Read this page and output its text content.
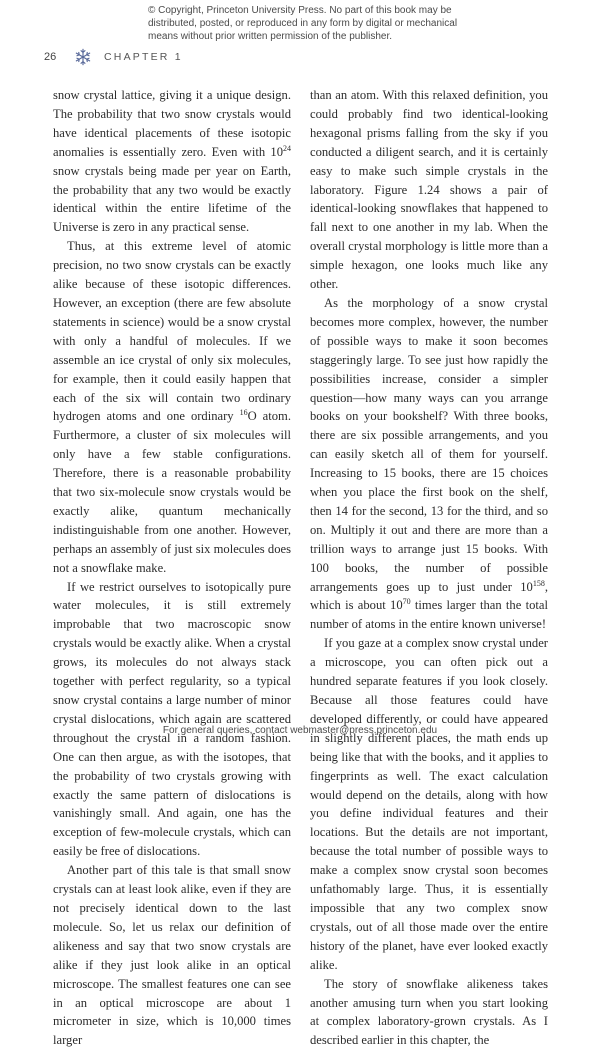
© Copyright, Princeton University Press. No part of this book may be
distributed, posted, or reproduced in any form by digital or mechanical
means without prior written permission of the publisher.
26	CHAPTER 1

snow crystal lattice, giving it a unique design. The probability that two snow crystals would have identical placements of these isotopic anomalies is essentially zero. Even with $10^{24}$ snow crystals being made per year on Earth, the probability that any two would be exactly identical within the entire lifetime of the Universe is zero in any practical sense.

Thus, at this extreme level of atomic precision, no two snow crystals can be exactly alike because of these isotopic differences. However, an exception (there are few absolute statements in science) would be a snow crystal with only a handful of molecules. If we assemble an ice crystal of only six molecules, for example, then it could easily happen that each of the six will contain two ordinary hydrogen atoms and one ordinary $^{16}$O atom. Furthermore, a cluster of six molecules will only have a few stable configurations. Therefore, there is a reasonable probability that two six-molecule snow crystals would be exactly alike, quantum mechanically indistinguishable from one another. However, perhaps an assembly of just six molecules does not a snowflake make.

If we restrict ourselves to isotopically pure water molecules, it is still extremely improbable that two macroscopic snow crystals would be exactly alike. When a crystal grows, its molecules do not always stack together with perfect regularity, so a typical snow crystal contains a large number of minor crystal dislocations, which again are scattered throughout the crystal in a random fashion. One can then argue, as with the isotopes, that the probability of two crystals growing with exactly the same pattern of dislocations is vanishingly small. And again, one has the exception of few-molecule crystals, which can easily be free of dislocations.

Another part of this tale is that small snow crystals can at least look alike, even if they are not precisely identical down to the last molecule. So, let us relax our definition of alikeness and say that two snow crystals are alike if they just look alike in an optical microscope. The smallest features one can see in an optical microscope are about 1 micrometer in size, which is 10,000 times larger

than an atom. With this relaxed definition, you could probably find two identical-looking hexagonal prisms falling from the sky if you conducted a diligent search, and it is certainly easy to make such simple crystals in the laboratory. Figure 1.24 shows a pair of identical-looking snowflakes that happened to fall next to one another in my lab. When the overall crystal morphology is little more than a simple hexagon, one looks much like any other.

As the morphology of a snow crystal becomes more complex, however, the number of possible ways to make it soon becomes staggeringly large. To see just how rapidly the possibilities increase, consider a simpler question—how many ways can you arrange books on your bookshelf? With three books, there are six possible arrangements, and you can easily sketch all of them for yourself. Increasing to 15 books, there are 15 choices when you place the first book on the shelf, then 14 for the second, 13 for the third, and so on. Multiply it out and there are more than a trillion ways to arrange just 15 books. With 100 books, the number of possible arrangements goes up to just under $10^{158}$, which is about $10^{70}$ times larger than the total number of atoms in the entire known universe!

If you gaze at a complex snow crystal under a microscope, you can often pick out a hundred separate features if you look closely. Because all those features could have developed differently, or could have appeared in slightly different places, the math ends up being like that with the books, and it applies to fingerprints as well. The exact calculation would depend on the details, along with how you define individual features and their locations. But the details are not important, because the total number of possible ways to make a complex snow crystal soon becomes unfathomably large. Thus, it is essentially impossible that any two complex snow crystals, out of all those made over the entire history of the planet, have ever looked exactly alike.

The story of snowflake alikeness takes another amusing turn when you start looking at complex laboratory-grown crystals. As I described earlier in this chapter, the

For general queries, contact webmaster@press.princeton.edu
